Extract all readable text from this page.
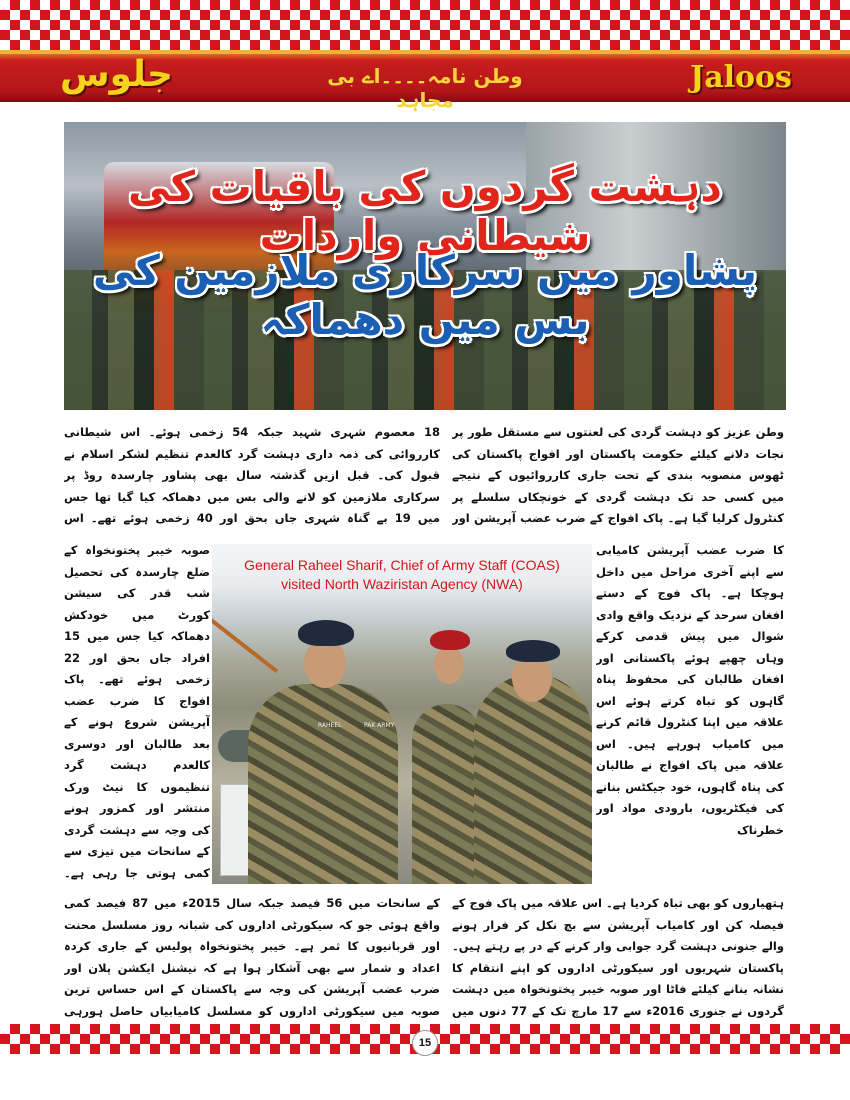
جلوس	وطن نامہ۔۔۔۔اے بی مجاہد
Jaloos
دہشت گردوں کی باقیات کی شیطانی واردات
پشاور میں سرکاری ملازمین کی بس میں دھماکہ
وطن عزیز کو دہشت گردی کی لعنتوں سے مستقل طور پر نجات دلانے کیلئے حکومت پاکستان اور افواج پاکستان کی ٹھوس منصوبہ بندی کے تحت جاری کارروائیوں کے نتیجے میں کسی حد تک دہشت گردی کے خونچکاں سلسلے پر کنٹرول کرلیا گیا ہے۔ پاک افواج کے ضرب عضب آپریشن اور
18 معصوم شہری شہید جبکہ 54 زخمی ہوئے۔ اس شیطانی کارروائی کی ذمہ داری دہشت گرد کالعدم تنظیم لشکر اسلام نے قبول کی۔ قبل ازیں گذشتہ سال بھی پشاور چارسدہ روڈ پر سرکاری ملازمین کو لانے والی بس میں دھماکہ کیا گیا تھا جس میں 19 بے گناہ شہری جاں بحق اور 40 زخمی ہوئے تھے۔ اس
کا ضرب عضب آپریشن کامیابی سے اپنے آخری مراحل میں داخل ہوچکا ہے۔ پاک فوج کے دستے افغان سرحد کے نزدیک واقع وادی شوال میں پیش قدمی کرکے وہاں چھپے ہوئے پاکستانی اور افغان طالبان کی محفوظ پناہ گاہوں کو تباہ کرتے ہوئے اس علاقہ میں اپنا کنٹرول قائم کرنے میں کامیاب ہورہے ہیں۔ اس علاقہ میں پاک افواج نے طالبان کی پناہ گاہوں، خود جیکٹس بنانے کی فیکٹریوں، بارودی مواد اور خطرناک
صوبہ خیبر پختونخواہ کے ضلع چارسدہ کی تحصیل شب قدر کی سیشن کورٹ میں خودکش دھماکہ کیا جس میں 15 افراد جاں بحق اور 22 زخمی ہوئے تھے۔ پاک افواج کا ضرب عضب آپریشن شروع ہونے کے بعد طالبان اور دوسری کالعدم دہشت گرد تنظیموں کا نیٹ ورک منتشر اور کمزور ہونے کی وجہ سے دہشت گردی کے سانحات میں تیزی سے کمی ہوتی جا رہی ہے۔
General Raheel Sharif, Chief of Army Staff (COAS)
visited North Waziristan Agency (NWA)
RAHEEL	PAK ARMY
ہتھیاروں کو بھی تباہ کردیا ہے۔ اس علاقہ میں پاک فوج کے فیصلہ کن اور کامیاب آپریشن سے بچ نکل کر فرار ہونے والے جنونی دہشت گرد جوابی وار کرنے کے در پے رہتے ہیں۔ پاکستان شہریوں اور سیکورٹی اداروں کو اپنے انتقام کا نشانہ بنانے کیلئے فاٹا اور صوبہ خیبر پختونخواہ میں دہشت گردوں نے جنوری 2016ء سے 17 مارچ تک کے 77 دنوں میں
کے سانحات میں 56 فیصد جبکہ سال 2015ء میں 87 فیصد کمی واقع ہوئی جو کہ سیکورٹی اداروں کی شبانہ روز مسلسل محنت اور قربانیوں کا ثمر ہے۔ خیبر پختونخواہ پولیس کے جاری کردہ اعداد و شمار سے بھی آشکار ہوا ہے کہ نیشنل ایکشن پلان اور ضرب عضب آپریشن کی وجہ سے پاکستان کے اس حساس ترین صوبہ میں سیکورٹی اداروں کو مسلسل کامیابیاں حاصل ہورہی
15
